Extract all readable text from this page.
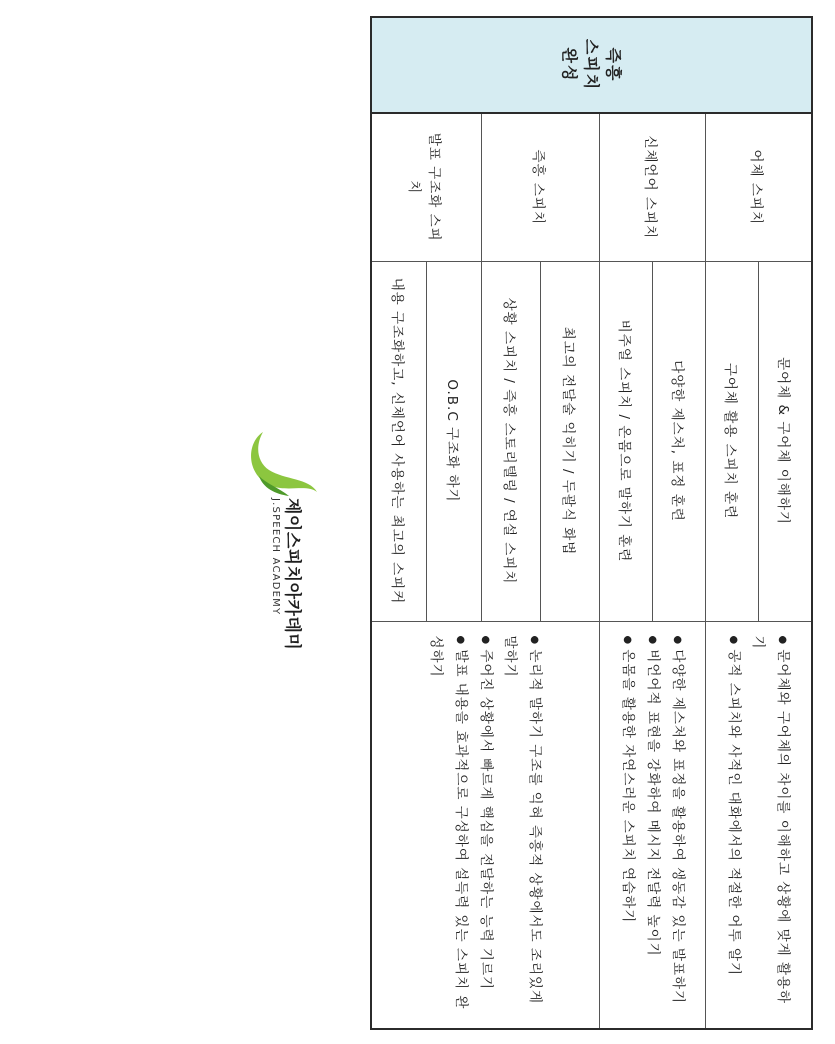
즉흥
스피치
완성	어체 스피치	문어체 & 구어체 이해하기	● 문어체와 구어체의 차이를 이해하고 상황에 맞게 활용하기
● 공적 스피치와 사적인 대화에서의 적절한 어투 알기

		구어체 활용 스피치 훈련	
	신체언어 스피치	다양한 제스처, 표정 훈련	● 다양한 제스처와 표정을 활용하여 생동감 있는 발표하기
● 비언어적 표현을 강화하여 메시지 전달력 높이기
● 온몸을 활용한 자연스러운 스피치 연습하기

		비주얼 스피치 / 온몸으로 말하기 훈련	
	즉흥 스피치	최고의 전달술 익히기 / 두괄식 화법	● 논리적 말하기 구조를 익혀 즉흥적 상황에서도 조리있게 말하기
● 주어진 상황에서 빠르게 핵심을 전달하는 능력 기르기
● 발표 내용을 효과적으로 구성하여 설득력 있는 스피치 완성하기

		상황 스피치 / 즉흥 스토리텔링 / 연설 스피치	
	발표 구조화 스피치	O.B.C 구조화 하기	
		내용 구조화하고, 신체언어 사용하는 최고의 스피커	
제이스피치아카데미
J.SPEECH ACADEMY
